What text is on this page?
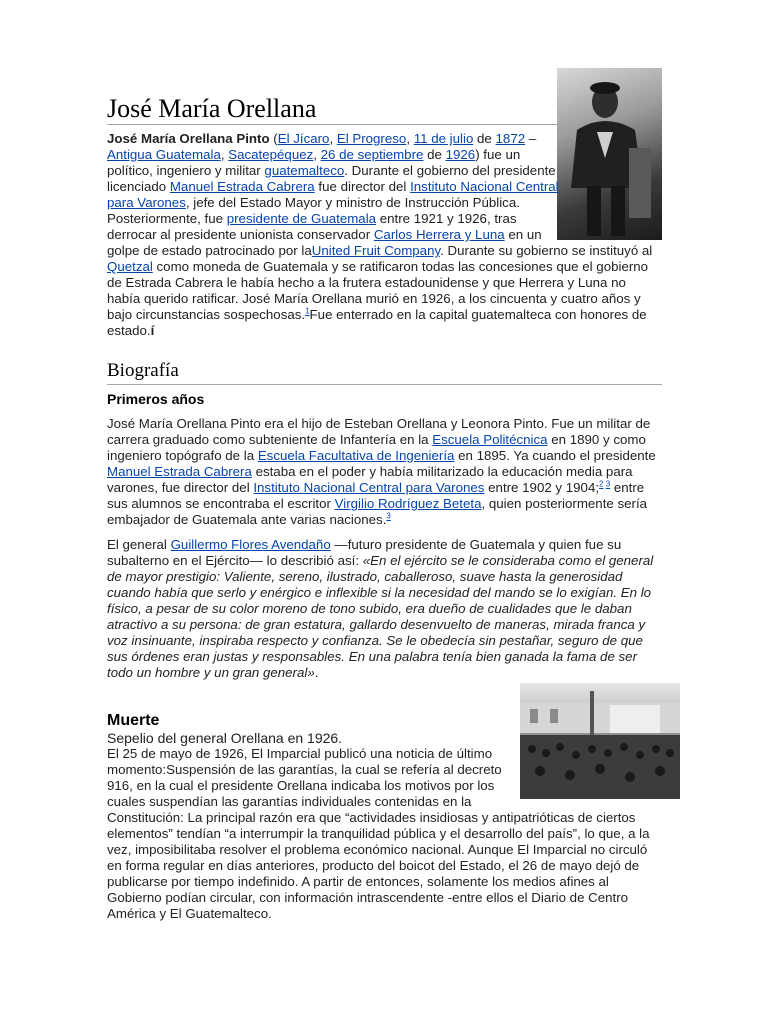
José María Orellana

José María Orellana Pinto (El Jícaro, El Progreso, 11 de julio de 1872 – Antigua Guatemala, Sacatepéquez, 26 de septiembre de 1926) fue un político, ingeniero y militar guatemalteco. Durante el gobierno del presidente licenciado Manuel Estrada Cabrera fue director del Instituto Nacional Central para Varones, jefe del Estado Mayor y ministro de Instrucción Pública. Posteriormente, fue presidente de Guatemala entre 1921 y 1926, tras derrocar al presidente unionista conservador Carlos Herrera y Luna en un golpe de estado patrocinado por laUnited Fruit Company. Durante su gobierno se instituyó al Quetzal como moneda de Guatemala y se ratificaron todas las concesiones que el gobierno de Estrada Cabrera le había hecho a la frutera estadounidense y que Herrera y Luna no había querido ratificar. José María Orellana murió en 1926, a los cincuenta y cuatro años y bajo circunstancias sospechosas.$^1$Fue enterrado en la capital guatemalteca con honores de estado.í

Biografía
Primeros años

José María Orellana Pinto era el hijo de Esteban Orellana y Leonora Pinto. Fue un militar de carrera graduado como subteniente de Infantería en la Escuela Politécnica en 1890 y como ingeniero topógrafo de la Escuela Facultativa de Ingeniería en 1895. Ya cuando el presidente Manuel Estrada Cabrera estaba en el poder y había militarizado la educación media para varones, fue director del Instituto Nacional Central para Varones entre 1902 y 1904;$^{2 3}$ entre sus alumnos se encontraba el escritor Virgilio Rodríguez Beteta, quien posteriormente sería embajador de Guatemala ante varias naciones.$^3$

El general Guillermo Flores Avendaño —futuro presidente de Guatemala y quien fue su subalterno en el Ejército— lo describió así: «En el ejército se le consideraba como el general de mayor prestigio: Valiente, sereno, ilustrado, caballeroso, suave hasta la generosidad cuando había que serlo y enérgico e inflexible si la necesidad del mando se lo exigían. En lo físico, a pesar de su color moreno de tono subido, era dueño de cualidades que le daban atractivo a su persona: de gran estatura, gallardo desenvuelto de maneras, mirada franca y voz insinuante, inspiraba respecto y confianza. Se le obedecía sin pestañar, seguro de que sus órdenes eran justas y responsables. En una palabra tenía bien ganada la fama de ser todo un hombre y un gran general».

Muerte

Sepelio del general Orellana en 1926.

El 25 de mayo de 1926, El Imparcial publicó una noticia de último momento:Suspensión de las garantías, la cual se refería al decreto 916, en la cual el presidente Orellana indicaba los motivos por los cuales suspendían las garantías individuales contenidas en la Constitución: La principal razón era que “actividades insidiosas y antipatrióticas de ciertos elementos” tendían “a interrumpir la tranquilidad pública y el desarrollo del país”, lo que, a la vez, imposibilitaba resolver el problema económico nacional. Aunque El Imparcial no circuló en forma regular en días anteriores, producto del boicot del Estado, el 26 de mayo dejó de publicarse por tiempo indefinido. A partir de entonces, solamente los medios afines al Gobierno podían circular, con información intrascendente -entre ellos el Diario de Centro América y El Guatemalteco.
